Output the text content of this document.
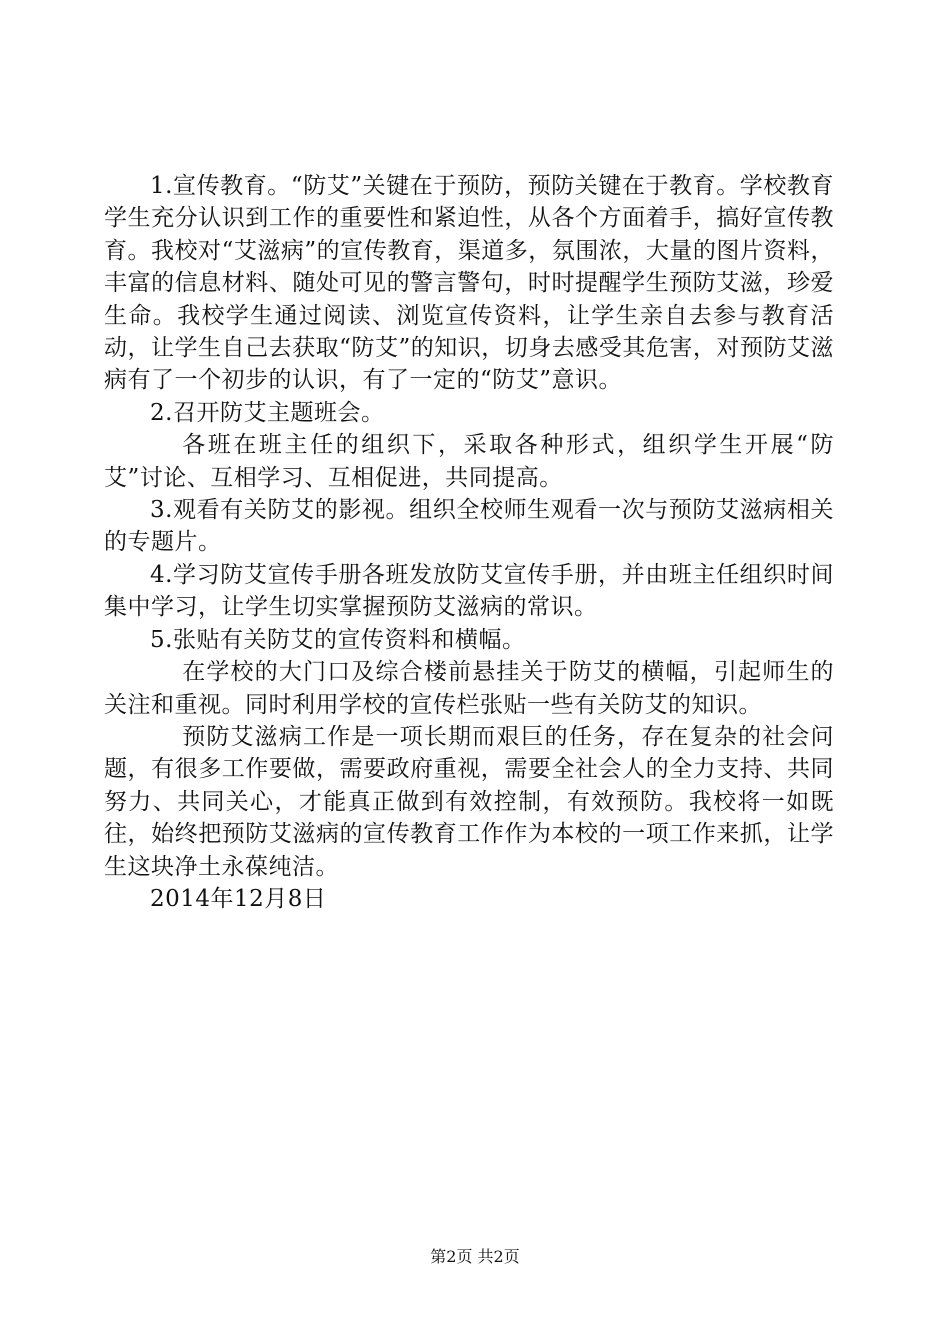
1.宣传教育。“防艾”关键在于预防，预防关键在于教育。学校教育学生充分认识到工作的重要性和紧迫性，从各个方面着手，搞好宣传教育。我校对“艾滋病”的宣传教育，渠道多，氛围浓，大量的图片资料，丰富的信息材料、随处可见的警言警句，时时提醒学生预防艾滋，珍爱生命。我校学生通过阅读、浏览宣传资料，让学生亲自去参与教育活动，让学生自己去获取“防艾”的知识，切身去感受其危害，对预防艾滋病有了一个初步的认识，有了一定的“防艾”意识。

2.召开防艾主题班会。

各班在班主任的组织下，采取各种形式，组织学生开展“防艾”讨论、互相学习、互相促进，共同提高。

3.观看有关防艾的影视。组织全校师生观看一次与预防艾滋病相关的专题片。

4.学习防艾宣传手册各班发放防艾宣传手册，并由班主任组织时间集中学习，让学生切实掌握预防艾滋病的常识。

5.张贴有关防艾的宣传资料和横幅。

在学校的大门口及综合楼前悬挂关于防艾的横幅，引起师生的关注和重视。同时利用学校的宣传栏张贴一些有关防艾的知识。

预防艾滋病工作是一项长期而艰巨的任务，存在复杂的社会问题，有很多工作要做，需要政府重视，需要全社会人的全力支持、共同努力、共同关心，才能真正做到有效控制，有效预防。我校将一如既往，始终把预防艾滋病的宣传教育工作作为本校的一项工作来抓，让学生这块净土永葆纯洁。

2014年12月8日

第2页 共2页
